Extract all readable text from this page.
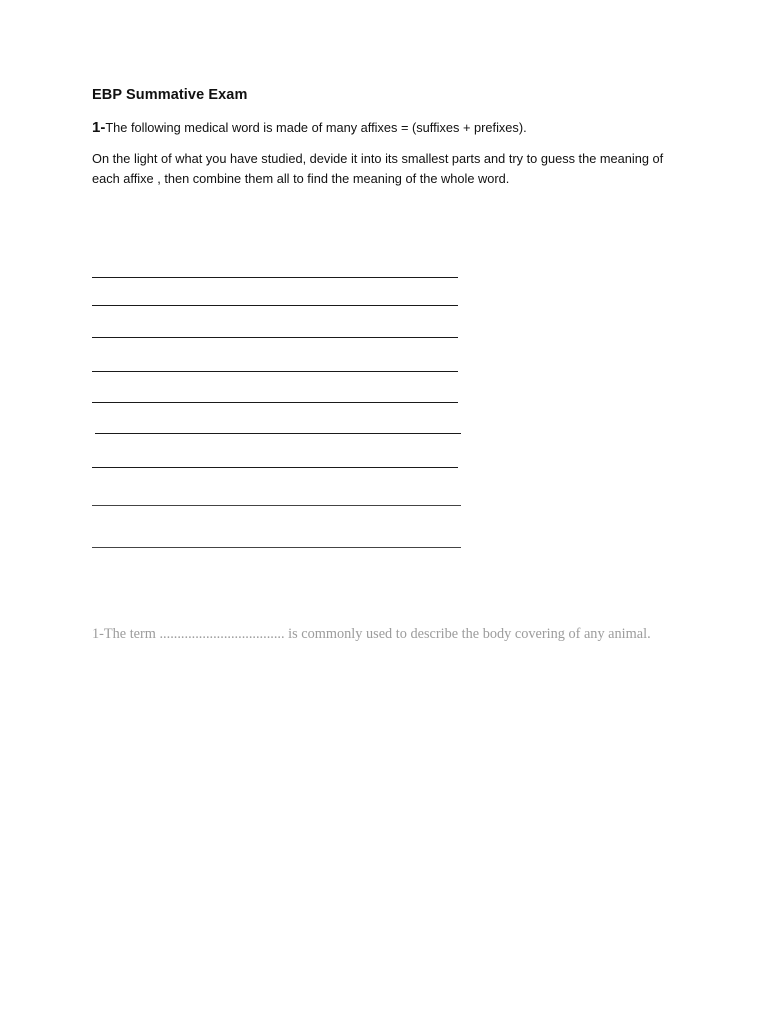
EBP Summative Exam
1-The following medical word is made of many affixes = (suffixes + prefixes).
On the light of what you have studied, devide it into its smallest parts and try to guess the meaning of each affixe , then combine them all to find the meaning of the whole word.
1-The term ................................... is commonly used to describe the body covering of any animal.
